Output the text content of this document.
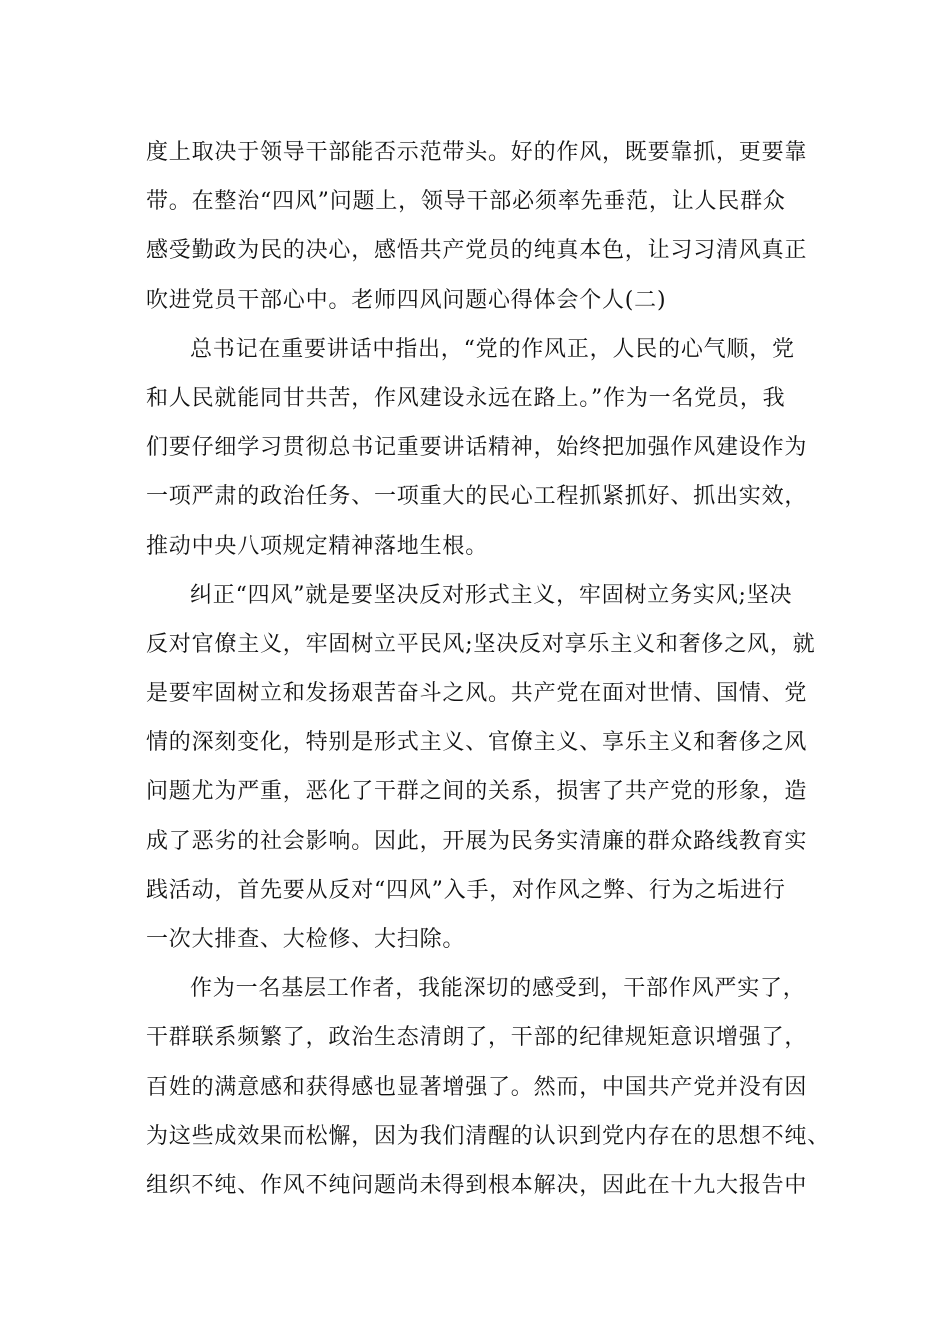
度上取决于领导干部能否示范带头。好的作风，既要靠抓，更要靠
带。在整治“四风”问题上，领导干部必须率先垂范，让人民群众
感受勤政为民的决心，感悟共产党员的纯真本色，让习习清风真正
吹进党员干部心中。老师四风问题心得体会个人(二)
总书记在重要讲话中指出，“党的作风正，人民的心气顺，党
和人民就能同甘共苦，作风建设永远在路上。”作为一名党员，我
们要仔细学习贯彻总书记重要讲话精神，始终把加强作风建设作为
一项严肃的政治任务、一项重大的民心工程抓紧抓好、抓出实效，
推动中央八项规定精神落地生根。
纠正“四风”就是要坚决反对形式主义，牢固树立务实风;坚决
反对官僚主义，牢固树立平民风;坚决反对享乐主义和奢侈之风，就
是要牢固树立和发扬艰苦奋斗之风。共产党在面对世情、国情、党
情的深刻变化，特别是形式主义、官僚主义、享乐主义和奢侈之风
问题尤为严重，恶化了干群之间的关系，损害了共产党的形象，造
成了恶劣的社会影响。因此，开展为民务实清廉的群众路线教育实
践活动，首先要从反对“四风”入手，对作风之弊、行为之垢进行
一次大排查、大检修、大扫除。
作为一名基层工作者，我能深切的感受到，干部作风严实了，
干群联系频繁了，政治生态清朗了，干部的纪律规矩意识增强了，
百姓的满意感和获得感也显著增强了。然而，中国共产党并没有因
为这些成效果而松懈，因为我们清醒的认识到党内存在的思想不纯、
组织不纯、作风不纯问题尚未得到根本解决，因此在十九大报告中
